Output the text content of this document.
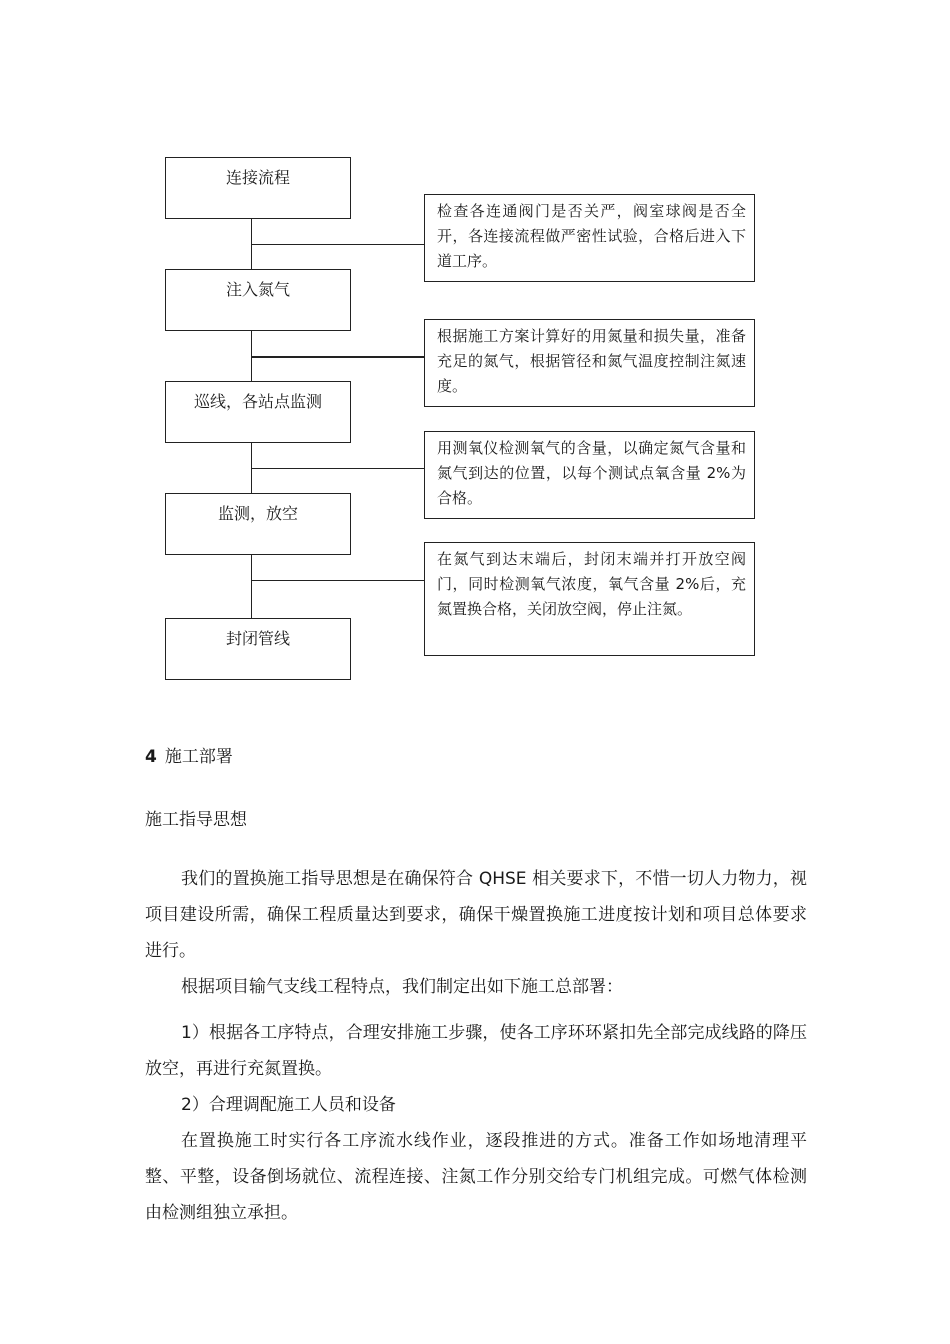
连接流程
注入氮气
巡线，各站点监测
监测，放空
封闭管线
检查各连通阀门是否关严，阀室球阀是否全开，各连接流程做严密性试验，合格后进入下道工序。
根据施工方案计算好的用氮量和损失量，准备充足的氮气，根据管径和氮气温度控制注氮速度。
用测氧仪检测氧气的含量，以确定氮气含量和氮气到达的位置，以每个测试点氧含量 2%为合格。
在氮气到达末端后，封闭末端并打开放空阀门，同时检测氧气浓度，氧气含量 2%后，充氮置换合格，关闭放空阀，停止注氮。
4 施工部署
施工指导思想
我们的置换施工指导思想是在确保符合 QHSE 相关要求下，不惜一切人力物力，视项目建设所需，确保工程质量达到要求，确保干燥置换施工进度按计划和项目总体要求进行。
根据项目输气支线工程特点，我们制定出如下施工总部署：
1）根据各工序特点，合理安排施工步骤，使各工序环环紧扣先全部完成线路的降压放空，再进行充氮置换。
2）合理调配施工人员和设备
在置换施工时实行各工序流水线作业，逐段推进的方式。准备工作如场地清理平整、平整，设备倒场就位、流程连接、注氮工作分别交给专门机组完成。可燃气体检测由检测组独立承担。
